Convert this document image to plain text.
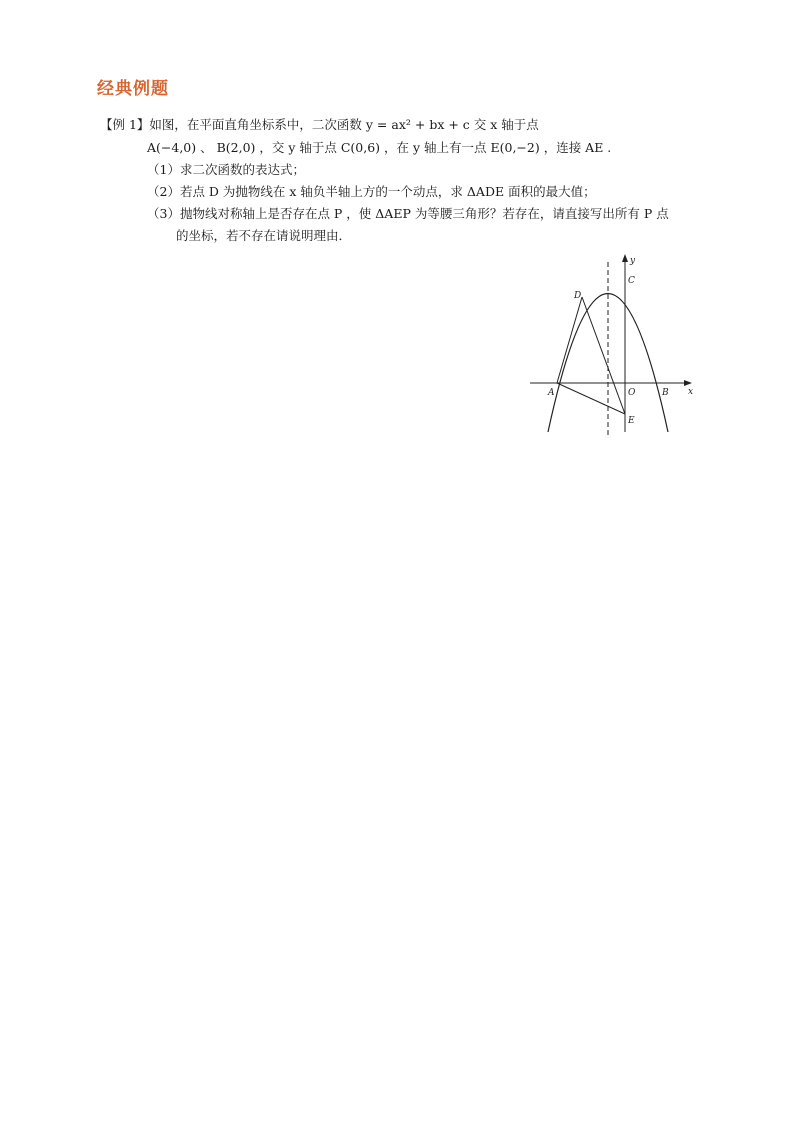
经典例题
【例 1】如图，在平面直角坐标系中，二次函数 y = ax² + bx + c 交 x 轴于点
A(−4,0) 、 B(2,0) ，交 y 轴于点 C(0,6) ，在 y 轴上有一点 E(0,−2) ，连接 AE .
（1）求二次函数的表达式；
（2）若点 D 为抛物线在 x 轴负半轴上方的一个动点，求 ΔADE 面积的最大值；
（3）抛物线对称轴上是否存在点 P ，使 ΔAEP 为等腰三角形？若存在，请直接写出所有 P 点
的坐标，若不存在请说明理由．
y
x
C
D
A	O	B
E
